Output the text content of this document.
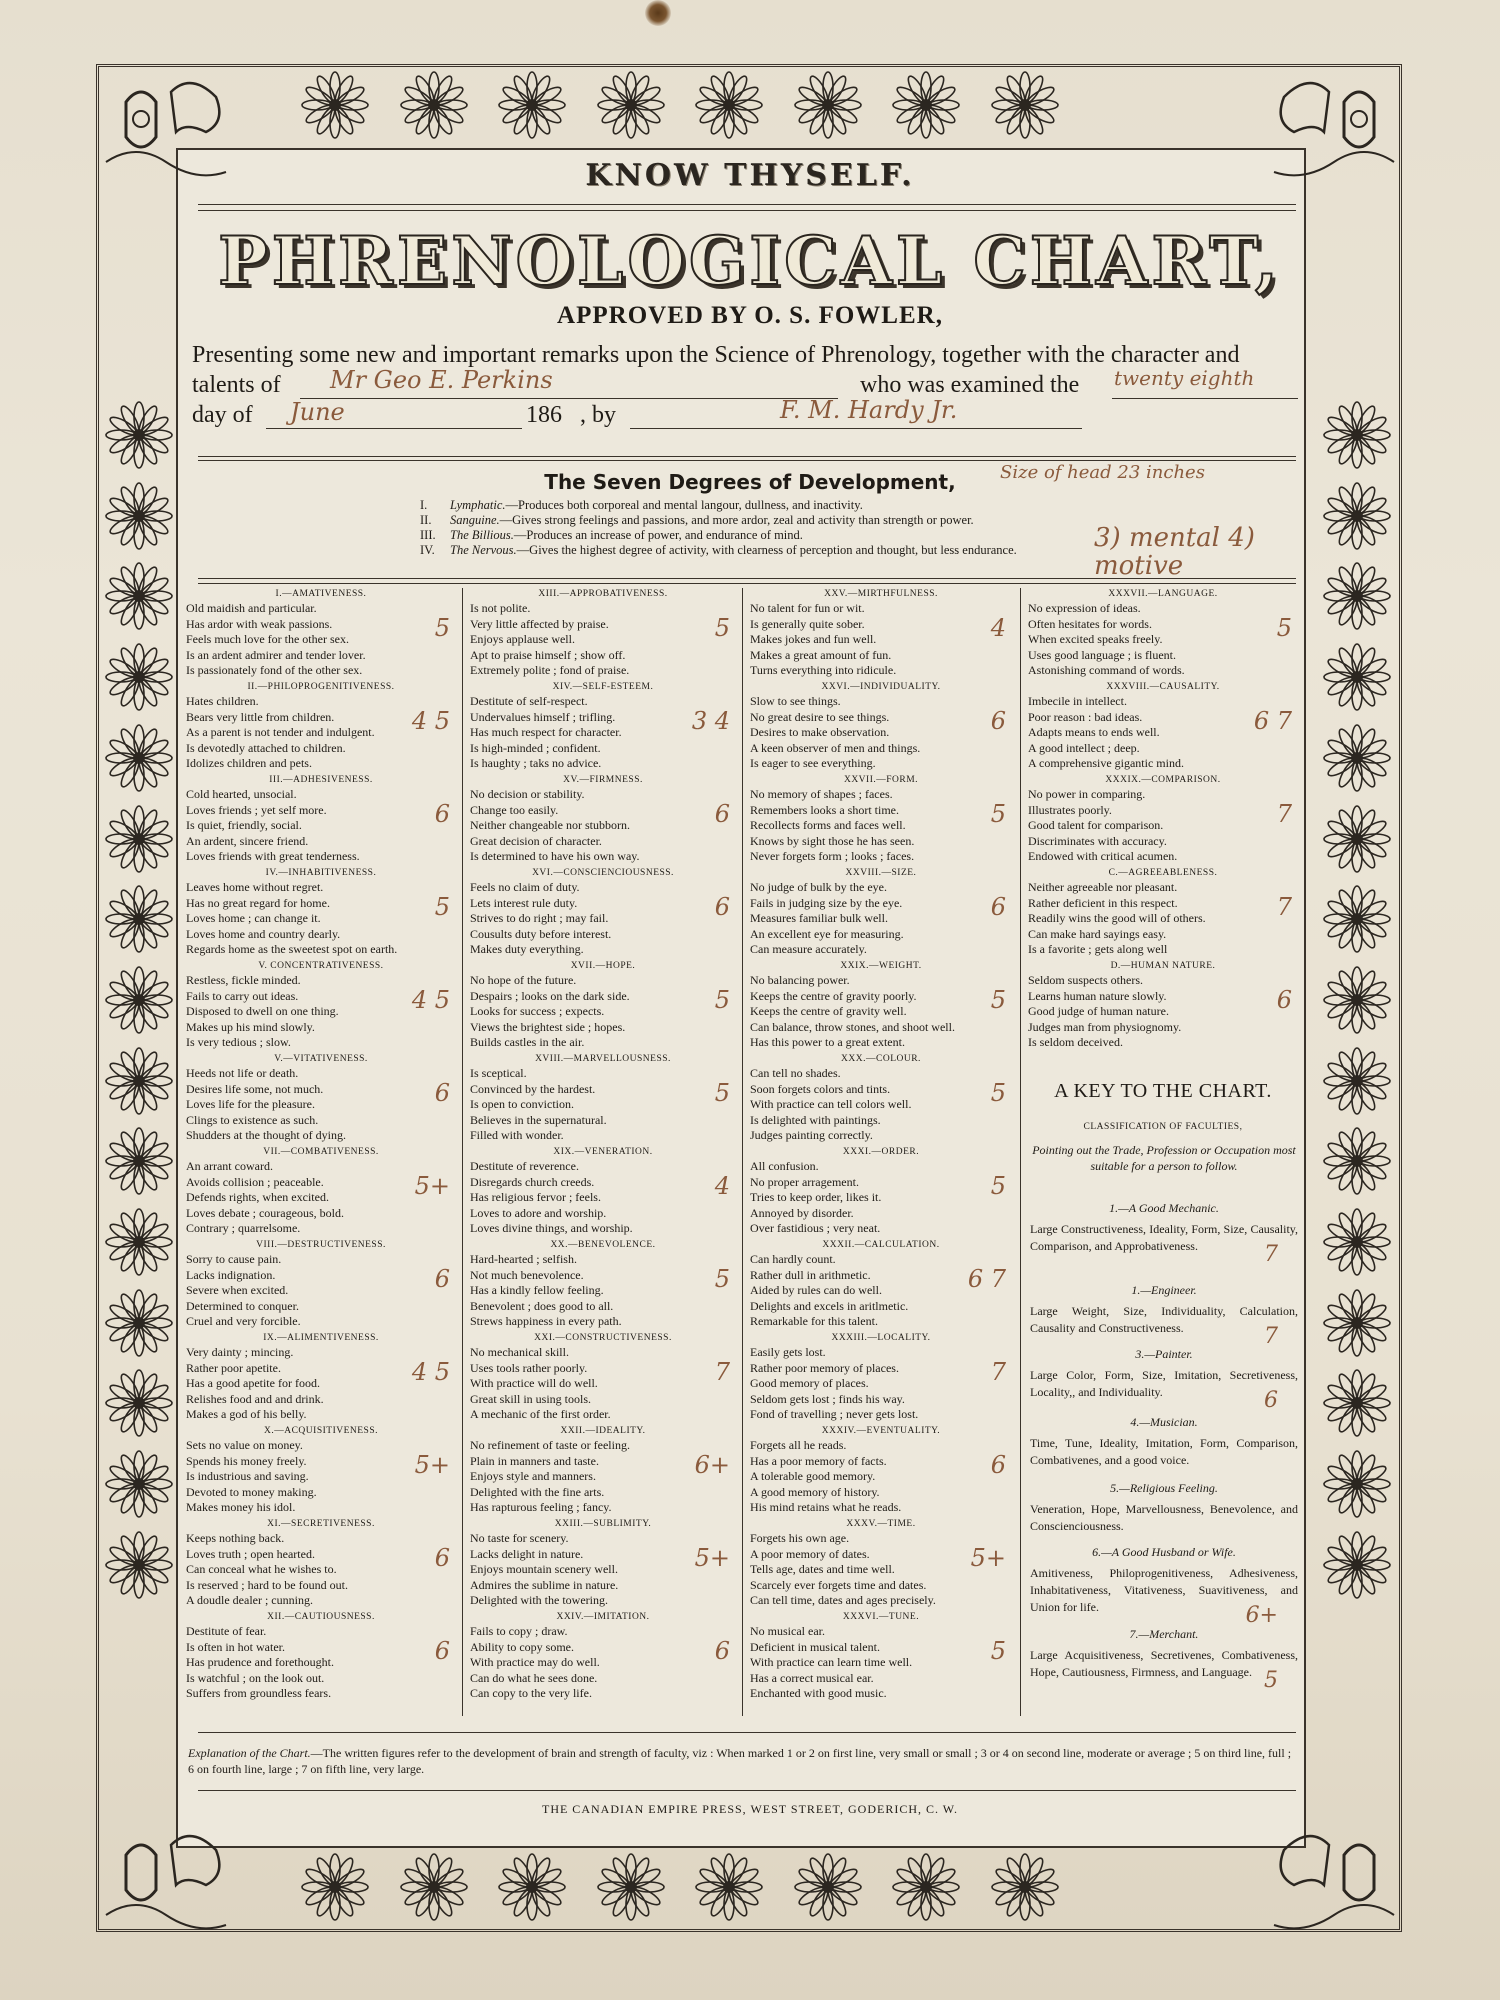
KNOW THYSELF.
PHRENOLOGICAL CHART,
APPROVED BY O. S. FOWLER,
Presenting some new and important remarks upon the Science of Phrenology, together with the character and
talents of	Mr Geo E. Perkins	who was examined the	twenty eighth
day of	June	186 , by	F. M. Hardy Jr.
The Seven Degrees of Development,	Size of head 23 inches
I. Lymphatic.—Produces both corporeal and mental langour, dullness, and inactivity.
II. Sanguine.—Gives strong feelings and passions, and more ardor, zeal and activity than strength or power.
III. The Billious.—Produces an increase of power, and endurance of mind.
IV. The Nervous.—Gives the highest degree of activity, with clearness of perception and thought, but less endurance.	3) mental 4) motive
I.—AMATIVENESS.
Old maidish and particular.
Has ardor with weak passions.
Feels much love for the other sex.
Is an ardent admirer and tender lover.
Is passionately fond of the other sex.
5
II.—PHILOPROGENITIVENESS.
Hates children.
Bears very little from children.
As a parent is not tender and indulgent.
Is devotedly attached to children.
Idolizes children and pets.
4 5
III.—ADHESIVENESS.
Cold hearted, unsocial.
Loves friends ; yet self more.
Is quiet, friendly, social.
An ardent, sincere friend.
Loves friends with great tenderness.
6
IV.—INHABITIVENESS.
Leaves home without regret.
Has no great regard for home.
Loves home ; can change it.
Loves home and country dearly.
Regards home as the sweetest spot on earth.
5
V. CONCENTRATIVENESS.
Restless, fickle minded.
Fails to carry out ideas.
Disposed to dwell on one thing.
Makes up his mind slowly.
Is very tedious ; slow.
4 5
V.—VITATIVENESS.
Heeds not life or death.
Desires life some, not much.
Loves life for the pleasure.
Clings to existence as such.
Shudders at the thought of dying.
6
VII.—COMBATIVENESS.
An arrant coward.
Avoids collision ; peaceable.
Defends rights, when excited.
Loves debate ; courageous, bold.
Contrary ; quarrelsome.
5+
VIII.—DESTRUCTIVENESS.
Sorry to cause pain.
Lacks indignation.
Severe when excited.
Determined to conquer.
Cruel and very forcible.
6
IX.—ALIMENTIVENESS.
Very dainty ; mincing.
Rather poor apetite.
Has a good apetite for food.
Relishes food and and drink.
Makes a god of his belly.
4 5
X.—ACQUISITIVENESS.
Sets no value on money.
Spends his money freely.
Is industrious and saving.
Devoted to money making.
Makes money his idol.
5+
XI.—SECRETIVENESS.
Keeps nothing back.
Loves truth ; open hearted.
Can conceal what he wishes to.
Is reserved ; hard to be found out.
A doudle dealer ; cunning.
6
XII.—CAUTIOUSNESS.
Destitute of fear.
Is often in hot water.
Has prudence and forethought.
Is watchful ; on the look out.
Suffers from groundless fears.
6
XIII.—APPROBATIVENESS.
Is not polite.
Very little affected by praise.
Enjoys applause well.
Apt to praise himself ; show off.
Extremely polite ; fond of praise.
5
XIV.—SELF-ESTEEM.
Destitute of self-respect.
Undervalues himself ; trifling.
Has much respect for character.
Is high-minded ; confident.
Is haughty ; taks no advice.
3 4
XV.—FIRMNESS.
No decision or stability.
Change too easily.
Neither changeable nor stubborn.
Great decision of character.
Is determined to have his own way.
6
XVI.—CONSCIENCIOUSNESS.
Feels no claim of duty.
Lets interest rule duty.
Strives to do right ; may fail.
Cousults duty before interest.
Makes duty everything.
6
XVII.—HOPE.
No hope of the future.
Despairs ; looks on the dark side.
Looks for success ; expects.
Views the brightest side ; hopes.
Builds castles in the air.
5
XVIII.—MARVELLOUSNESS.
Is sceptical.
Convinced by the hardest.
Is open to conviction.
Believes in the supernatural.
Filled with wonder.
5
XIX.—VENERATION.
Destitute of reverence.
Disregards church creeds.
Has religious fervor ; feels.
Loves to adore and worship.
Loves divine things, and worship.
4
XX.—BENEVOLENCE.
Hard-hearted ; selfish.
Not much benevolence.
Has a kindly fellow feeling.
Benevolent ; does good to all.
Strews happiness in every path.
5
XXI.—CONSTRUCTIVENESS.
No mechanical skill.
Uses tools rather poorly.
With practice will do well.
Great skill in using tools.
A mechanic of the first order.
7
XXII.—IDEALITY.
No refinement of taste or feeling.
Plain in manners and taste.
Enjoys style and manners.
Delighted with the fine arts.
Has rapturous feeling ; fancy.
6+
XXIII.—SUBLIMITY.
No taste for scenery.
Lacks delight in nature.
Enjoys mountain scenery well.
Admires the sublime in nature.
Delighted with the towering.
5+
XXIV.—IMITATION.
Fails to copy ; draw.
Ability to copy some.
With practice may do well.
Can do what he sees done.
Can copy to the very life.
6
XXV.—MIRTHFULNESS.
No talent for fun or wit.
Is generally quite sober.
Makes jokes and fun well.
Makes a great amount of fun.
Turns everything into ridicule.
4
XXVI.—INDIVIDUALITY.
Slow to see things.
No great desire to see things.
Desires to make observation.
A keen observer of men and things.
Is eager to see everything.
6
XXVII.—FORM.
No memory of shapes ; faces.
Remembers looks a short time.
Recollects forms and faces well.
Knows by sight those he has seen.
Never forgets form ; looks ; faces.
5
XXVIII.—SIZE.
No judge of bulk by the eye.
Fails in judging size by the eye.
Measures familiar bulk well.
An excellent eye for measuring.
Can measure accurately.
6
XXIX.—WEIGHT.
No balancing power.
Keeps the centre of gravity poorly.
Keeps the centre of gravity well.
Can balance, throw stones, and shoot well.
Has this power to a great extent.
5
XXX.—COLOUR.
Can tell no shades.
Soon forgets colors and tints.
With practice can tell colors well.
Is delighted with paintings.
Judges painting correctly.
5
XXXI.—ORDER.
All confusion.
No proper arragement.
Tries to keep order, likes it.
Annoyed by disorder.
Over fastidious ; very neat.
5
XXXII.—CALCULATION.
Can hardly count.
Rather dull in arithmetic.
Aided by rules can do well.
Delights and excels in aritlmetic.
Remarkable for this talent.
6 7
XXXIII.—LOCALITY.
Easily gets lost.
Rather poor memory of places.
Good memory of places.
Seldom gets lost ; finds his way.
Fond of travelling ; never gets lost.
7
XXXIV.—EVENTUALITY.
Forgets all he reads.
Has a poor memory of facts.
A tolerable good memory.
A good memory of history.
His mind retains what he reads.
6
XXXV.—TIME.
Forgets his own age.
A poor memory of dates.
Tells age, dates and time well.
Scarcely ever forgets time and dates.
Can tell time, dates and ages precisely.
5+
XXXVI.—TUNE.
No musical ear.
Deficient in musical talent.
With practice can learn time well.
Has a correct musical ear.
Enchanted with good music.
5
XXXVII.—LANGUAGE.
No expression of ideas.
Often hesitates for words.
When excited speaks freely.
Uses good language ; is fluent.
Astonishing command of words.
5
XXXVIII.—CAUSALITY.
Imbecile in intellect.
Poor reason : bad ideas.
Adapts means to ends well.
A good intellect ; deep.
A comprehensive gigantic mind.
6 7
XXXIX.—COMPARISON.
No power in comparing.
Illustrates poorly.
Good talent for comparison.
Discriminates with accuracy.
Endowed with critical acumen.
7
C.—AGREEABLENESS.
Neither agreeable nor pleasant.
Rather deficient in this respect.
Readily wins the good will of others.
Can make hard sayings easy.
Is a favorite ; gets along well
7
D.—HUMAN NATURE.
Seldom suspects others.
Learns human nature slowly.
Good judge of human nature.
Judges man from physiognomy.
Is seldom deceived.
6
A KEY TO THE CHART.
CLASSIFICATION OF FACULTIES,
Pointing out the Trade, Profession or Occupation most suitable for a person to follow.
1.—A Good Mechanic.
Large Constructiveness, Ideality, Form, Size, Causality, Comparison, and Approbativeness.	7
1.—Engineer.
Large Weight, Size, Individuality, Calculation, Causality and Constructiveness.	7
3.—Painter.
Large Color, Form, Size, Imitation, Secretiveness, Locality,, and Individuality.	6
4.—Musician.
Time, Tune, Ideality, Imitation, Form, Comparison, Combativenes, and a good voice.
5.—Religious Feeling.
Veneration, Hope, Marvellousness, Benevolence, and Conscienciousness.
6.—A Good Husband or Wife.
Amitiveness, Philoprogenitiveness, Adhesiveness, Inhabitativeness, Vitativeness, Suavitiveness, and Union for life.	6+
7.—Merchant.
Large Acquisitiveness, Secretivenes, Combativeness, Hope, Cautiousness, Firmness, and Language. 5
Explanation of the Chart.—The written figures refer to the development of brain and strength of faculty, viz : When marked 1 or 2 on first line, very small or small ; 3 or 4 on second line, moderate or average ; 5 on third line, full ; 6 on fourth line, large ; 7 on fifth line, very large.
THE CANADIAN EMPIRE PRESS, WEST STREET, GODERICH, C. W.
